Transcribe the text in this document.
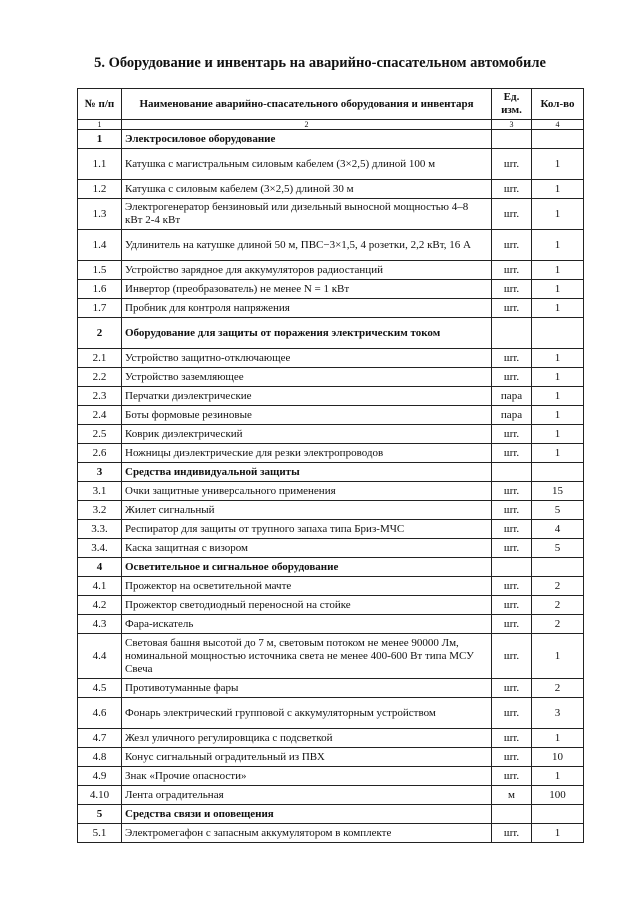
5. Оборудование и инвентарь на аварийно-спасательном автомобиле
№ п/п	Наименование аварийно-спасательного оборудования и инвентаря	Ед. изм.	Кол-во
1	2	3	4
1	Электросиловое оборудование		
1.1	Катушка с магистральным силовым кабелем (3×2,5) длиной 100 м	шт.	1
1.2	Катушка с силовым кабелем (3×2,5) длиной 30 м	шт.	1
1.3	Электрогенератор бензиновый или дизельный выносной мощностью 4–8 кВт 2-4 кВт	шт.	1
1.4	Удлинитель на катушке длиной 50 м, ПВС−3×1,5, 4 розетки, 2,2 кВт, 16 А	шт.	1
1.5	Устройство зарядное для аккумуляторов радиостанций	шт.	1
1.6	Инвертор (преобразователь) не менее N = 1 кВт	шт.	1
1.7	Пробник для контроля напряжения	шт.	1
2	Оборудование для защиты от поражения электрическим током		
2.1	Устройство защитно-отключающее	шт.	1
2.2	Устройство заземляющее	шт.	1
2.3	Перчатки диэлектрические	пара	1
2.4	Боты формовые резиновые	пара	1
2.5	Коврик диэлектрический	шт.	1
2.6	Ножницы диэлектрические для резки электропроводов	шт.	1
3	Средства индивидуальной защиты		
3.1	Очки защитные универсального применения	шт.	15
3.2	Жилет сигнальный	шт.	5
3.3.	Респиратор для защиты от трупного запаха типа Бриз-МЧС	шт.	4
3.4.	Каска защитная с визором	шт.	5
4	Осветительное и сигнальное оборудование		
4.1	Прожектор на осветительной мачте	шт.	2
4.2	Прожектор светодиодный переносной на стойке	шт.	2
4.3	Фара-искатель	шт.	2
4.4	Световая башня высотой до 7 м, световым потоком не менее 90000 Лм, номинальной мощностью источника света не менее 400-600 Вт типа МСУ Свеча	шт.	1
4.5	Противотуманные фары	шт.	2
4.6	Фонарь электрический групповой с аккумуляторным устройством	шт.	3
4.7	Жезл уличного регулировщика с подсветкой	шт.	1
4.8	Конус сигнальный оградительный из ПВХ	шт.	10
4.9	Знак «Прочие опасности»	шт.	1
4.10	Лента оградительная	м	100
5	Средства связи и оповещения		
5.1	Электромегафон с запасным аккумулятором в комплекте	шт.	1
